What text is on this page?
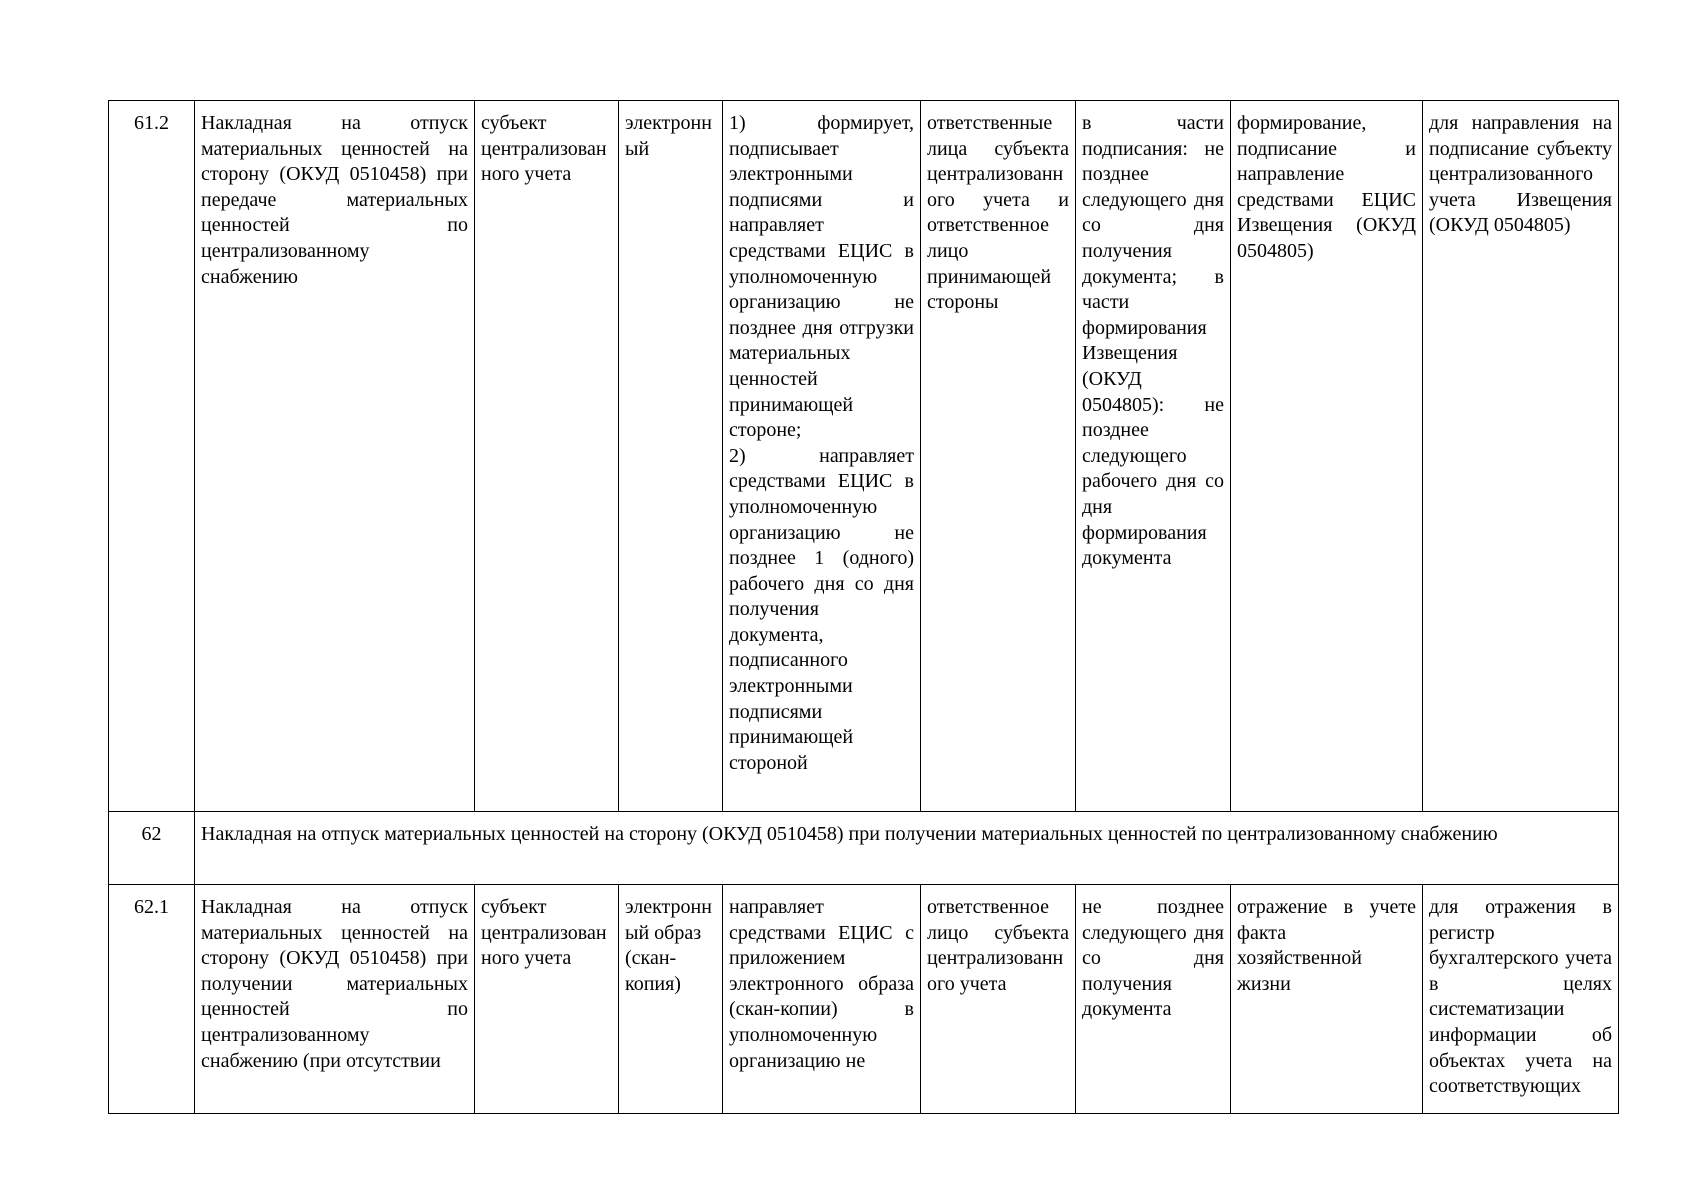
61.2	Накладная на отпуск материальных ценностей на сторону (ОКУД 0510458) при передаче материальных ценностей по централизованному снабжению	субъект централизованного учета	электронный	1) формирует, подписывает электронными подписями и направляет средствами ЕЦИС в уполномоченную организацию не позднее дня отгрузки материальных ценностей принимающей стороне;
2) направляет средствами ЕЦИС в уполномоченную организацию не позднее 1 (одного) рабочего дня со дня получения документа, подписанного электронными подписями принимающей стороной	ответственные лица субъекта централизованного учета и ответственное лицо принимающей стороны	в части подписания: не позднее следующего дня со дня получения документа; в части формирования Извещения (ОКУД 0504805): не позднее следующего рабочего дня со дня формирования документа	формирование, подписание и направление средствами ЕЦИС Извещения (ОКУД 0504805)	для направления на подписание субъекту централизованного учета Извещения (ОКУД 0504805)
62	Накладная на отпуск материальных ценностей на сторону (ОКУД 0510458) при получении материальных ценностей по централизованному снабжению							
62.1	Накладная на отпуск материальных ценностей на сторону (ОКУД 0510458) при получении материальных ценностей по централизованному снабжению (при отсутствии	субъект централизованного учета	электронный образ (скан-копия)	направляет средствами ЕЦИС с приложением электронного образа (скан-копии) в уполномоченную организацию не	ответственное лицо субъекта централизованного учета	не позднее следующего дня со дня получения документа	отражение в учете факта хозяйственной жизни	для отражения в регистр бухгалтерского учета в целях систематизации информации об объектах учета на соответствующих
